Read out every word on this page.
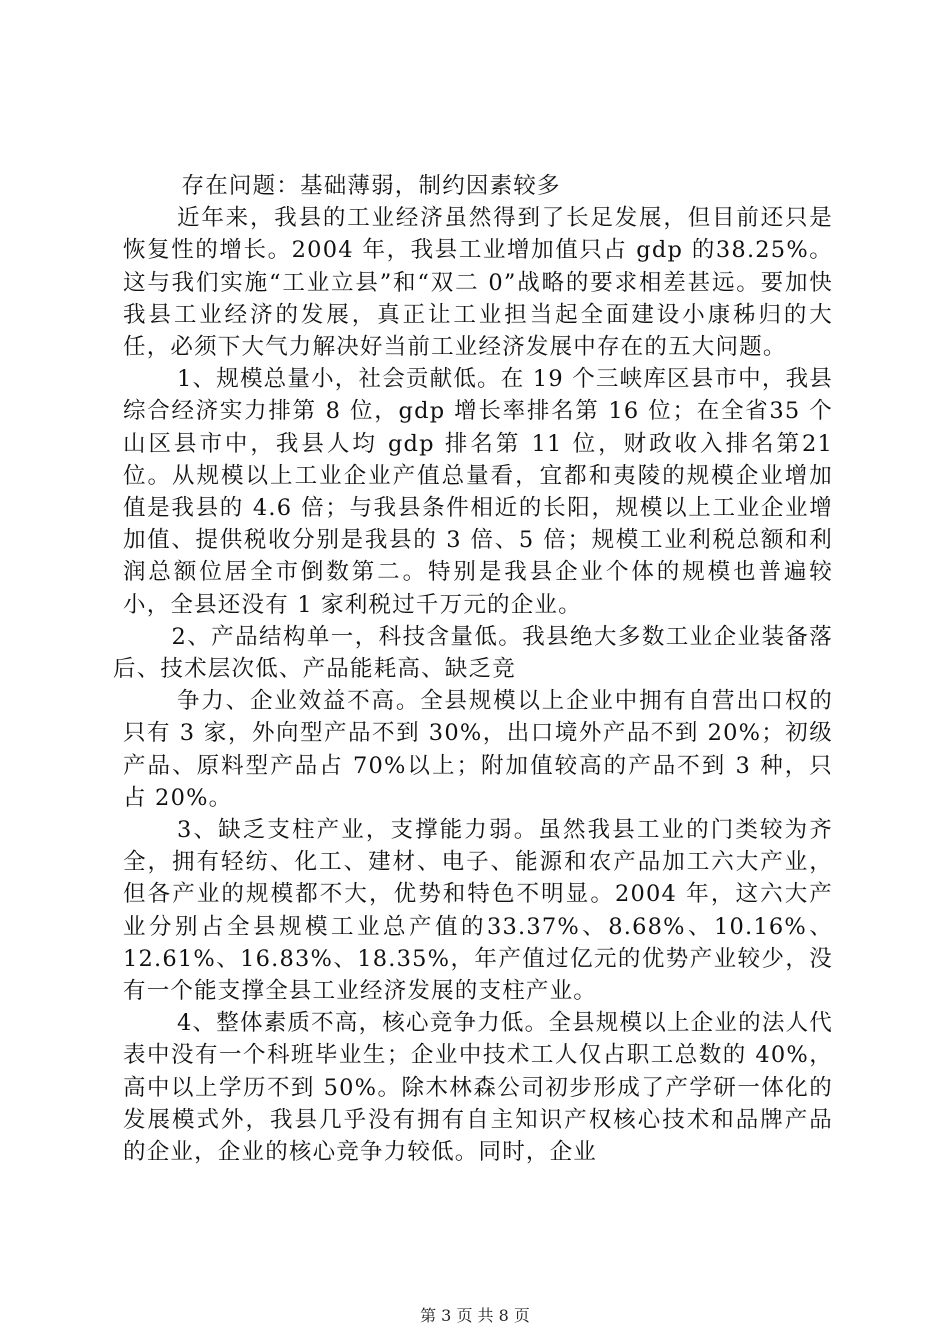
存在问题：基础薄弱，制约因素较多

近年来，我县的工业经济虽然得到了长足发展，但目前还只是恢复性的增长。2004 年，我县工业增加值只占 gdp 的38.25%。这与我们实施“工业立县”和“双二 0”战略的要求相差甚远。要加快我县工业经济的发展，真正让工业担当起全面建设小康秭归的大任，必须下大气力解决好当前工业经济发展中存在的五大问题。

1、规模总量小，社会贡献低。在 19 个三峡库区县市中，我县综合经济实力排第 8 位，gdp 增长率排名第 16 位；在全省35 个山区县市中，我县人均 gdp 排名第 11 位，财政收入排名第21 位。从规模以上工业企业产值总量看，宜都和夷陵的规模企业增加值是我县的 4.6 倍；与我县条件相近的长阳，规模以上工业企业增加值、提供税收分别是我县的 3 倍、5 倍；规模工业利税总额和利润总额位居全市倒数第二。特别是我县企业个体的规模也普遍较小，全县还没有 1 家利税过千万元的企业。

2、产品结构单一，科技含量低。我县绝大多数工业企业装备落后、技术层次低、产品能耗高、缺乏竞

争力、企业效益不高。全县规模以上企业中拥有自营出口权的只有 3 家，外向型产品不到 30%，出口境外产品不到 20%；初级产品、原料型产品占 70%以上；附加值较高的产品不到 3 种，只占 20%。

3、缺乏支柱产业，支撑能力弱。虽然我县工业的门类较为齐全，拥有轻纺、化工、建材、电子、能源和农产品加工六大产业，但各产业的规模都不大，优势和特色不明显。2004 年，这六大产业分别占全县规模工业总产值的33.37%、8.68%、10.16%、12.61%、16.83%、18.35%，年产值过亿元的优势产业较少，没有一个能支撑全县工业经济发展的支柱产业。

4、整体素质不高，核心竞争力低。全县规模以上企业的法人代表中没有一个科班毕业生；企业中技术工人仅占职工总数的 40%，高中以上学历不到 50%。除木林森公司初步形成了产学研一体化的发展模式外，我县几乎没有拥有自主知识产权核心技术和品牌产品的企业，企业的核心竞争力较低。同时，企业

第 3 页 共 8 页
